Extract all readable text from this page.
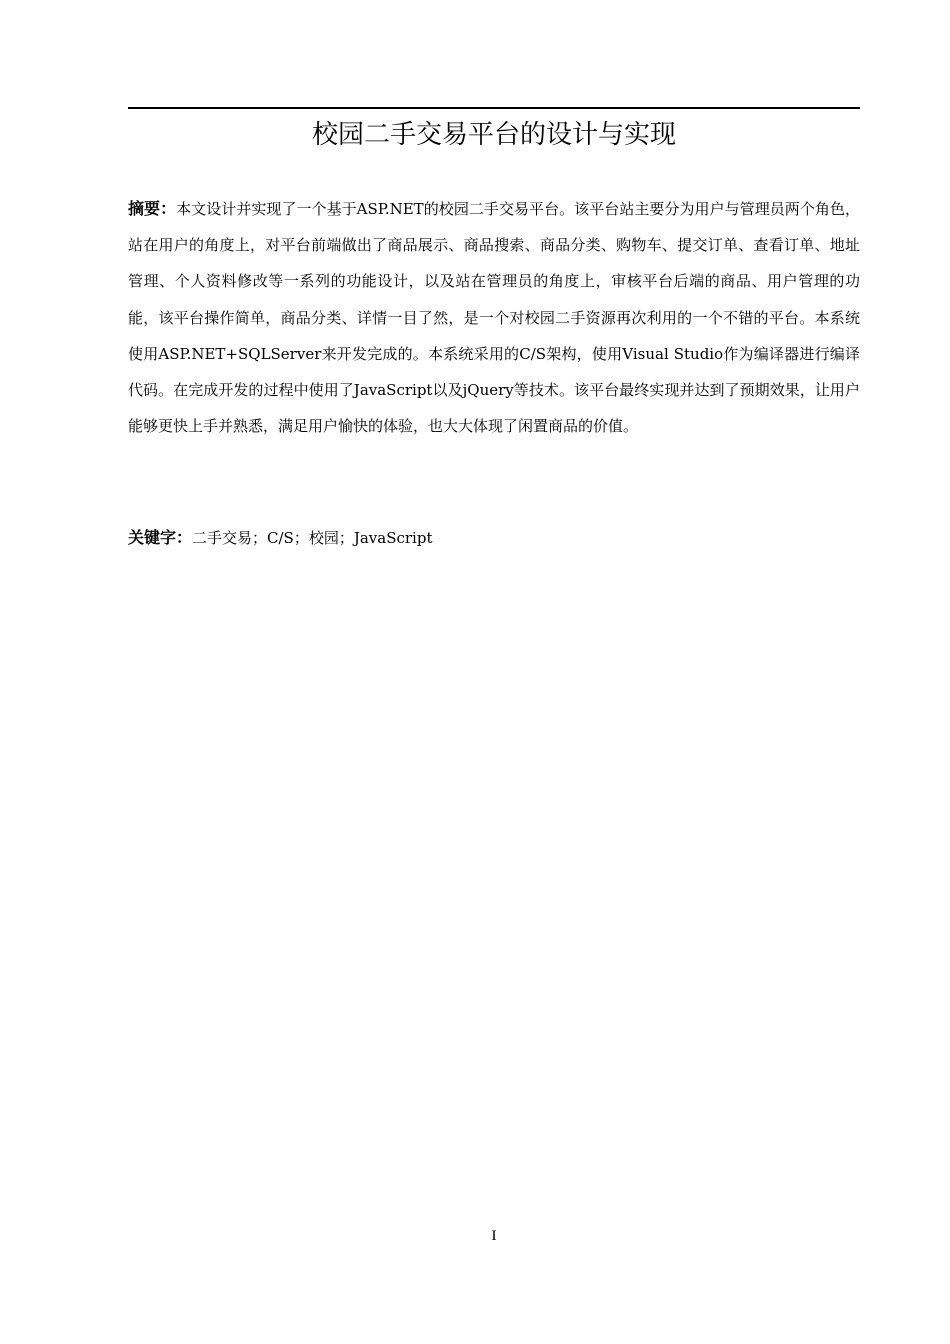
校园二手交易平台的设计与实现

摘要：本文设计并实现了一个基于ASP.NET的校园二手交易平台。该平台站主要分为用户与管理员两个角色，站在用户的角度上，对平台前端做出了商品展示、商品搜索、商品分类、购物车、提交订单、查看订单、地址管理、个人资料修改等一系列的功能设计，以及站在管理员的角度上，审核平台后端的商品、用户管理的功能，该平台操作简单，商品分类、详情一目了然，是一个对校园二手资源再次利用的一个不错的平台。本系统使用ASP.NET+SQLServer来开发完成的。本系统采用的C/S架构，使用Visual Studio作为编译器进行编译代码。在完成开发的过程中使用了JavaScript以及jQuery等技术。该平台最终实现并达到了预期效果，让用户能够更快上手并熟悉，满足用户愉快的体验，也大大体现了闲置商品的价值。

关键字：二手交易；C/S；校园；JavaScript

I
